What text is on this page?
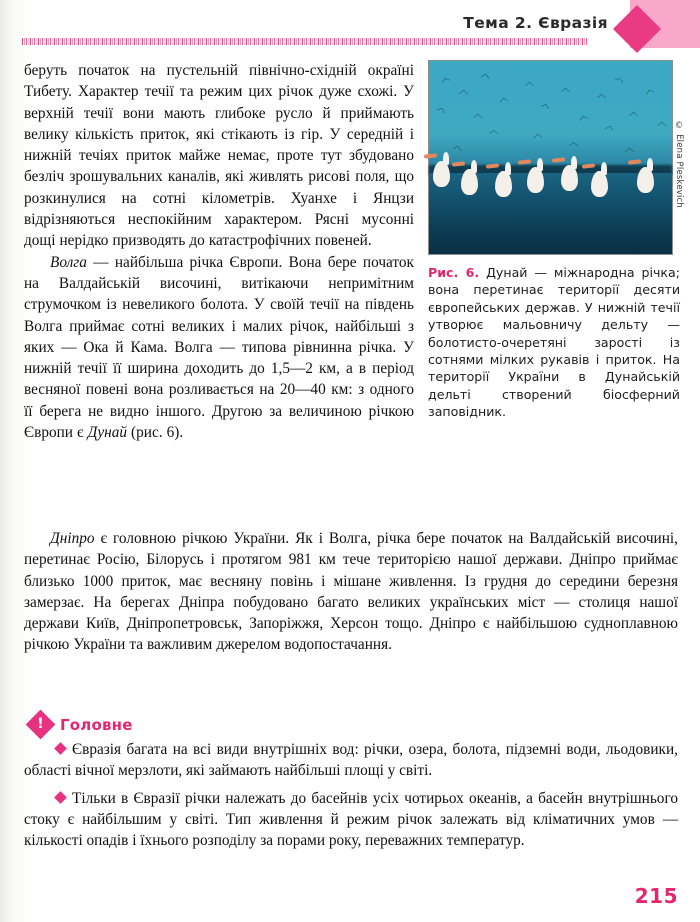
Тема 2. Євразія

беруть початок на пустельній північно-східній окраїні Тибету. Характер течії та режим цих річок дуже схожі. У верхній течії вони мають глибоке русло й приймають велику кількість приток, які стікають із гір. У середній і нижній течіях приток майже немає, проте тут збудовано безліч зрошувальних каналів, які живлять рисові поля, що розкинулися на сотні кілометрів. Хуанхе і Янцзи відрізняються неспокійним характером. Рясні мусонні дощі нерідко призводять до катастрофічних повеней.

Волга — найбільша річка Європи. Вона бере початок на Валдайській височині, витікаючи непримітним струмочком із невеликого болота. У своїй течії на південь Волга приймає сотні великих і малих річок, найбільші з яких — Ока й Кама. Волга — типова рівнинна річка. У нижній течії її ширина доходить до 1,5—2 км, а в період весняної повені вона розливається на 20—40 км: з одного її берега не видно іншого. Другою за величиною річкою Європи є Дунай (рис. 6).

︿
︿
︿
︿	︿
︿
︿
︿
︿
︿
︿
︿
︿
︿
︿
︿
︿	︿
︿
︿	︿	© Elena Pleskevich
Рис. 6. Дунай — міжнародна річка; вона перетинає території десяти європейських держав. У нижній течії утворює мальовничу дельту — болотисто-очеретяні зарості із сотнями мілких рукавів і приток. На території України в Дунайській дельті створений біосферний заповідник.

Дніпро є головною річкою України. Як і Волга, річка бере початок на Валдайській височині, перетинає Росію, Білорусь і протягом 981 км тече територією нашої держави. Дніпро приймає близько 1000 приток, має весняну повінь і мішане живлення. Із грудня до середини березня замерзає. На берегах Дніпра побудовано багато великих українських міст — столиця нашої держави Київ, Дніпропетровськ, Запоріжжя, Херсон тощо. Дніпро є найбільшою судноплавною річкою України та важливим джерелом водопостачання.

!	Головне

Євразія багата на всі види внутрішніх вод: річки, озера, болота, підземні води, льодовики, області вічної мерзлоти, які займають найбільші площі у світі.

Тільки в Євразії річки належать до басейнів усіх чотирьох океанів, а басейн внутрішнього стоку є найбільшим у світі. Тип живлення й режим річок залежать від кліматичних умов — кількості опадів і їхнього розподілу за порами року, переважних температур.

215
